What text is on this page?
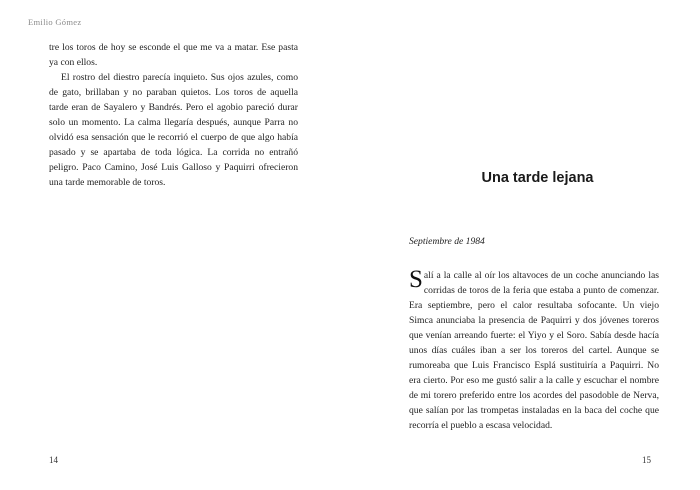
Emilio Gómez

tre los toros de hoy se esconde el que me va a matar. Ese pasta ya con ellos.

El rostro del diestro parecía inquieto. Sus ojos azules, como de gato, brillaban y no paraban quietos. Los toros de aquella tarde eran de Sayalero y Bandrés. Pero el agobio pareció durar solo un momento. La calma llegaría después, aunque Parra no olvidó esa sensación que le recorrió el cuerpo de que algo había pasado y se apartaba de toda lógica. La corrida no entrañó peligro. Paco Camino, José Luis Galloso y Paquirri ofrecieron una tarde memorable de toros.

14
Una tarde lejana
Septiembre de 1984
Salí a la calle al oír los altavoces de un coche anunciando las corridas de toros de la feria que estaba a punto de comenzar. Era septiembre, pero el calor resultaba sofocante. Un viejo Simca anunciaba la presencia de Paquirri y dos jóvenes toreros que venían arreando fuerte: el Yiyo y el Soro. Sabía desde hacía unos días cuáles iban a ser los toreros del cartel. Aunque se rumoreaba que Luis Francisco Esplá sustituiría a Paquirri. No era cierto. Por eso me gustó salir a la calle y escuchar el nombre de mi torero preferido entre los acordes del pasodoble de Nerva, que salían por las trompetas instaladas en la baca del coche que recorría el pueblo a escasa velocidad.
15
